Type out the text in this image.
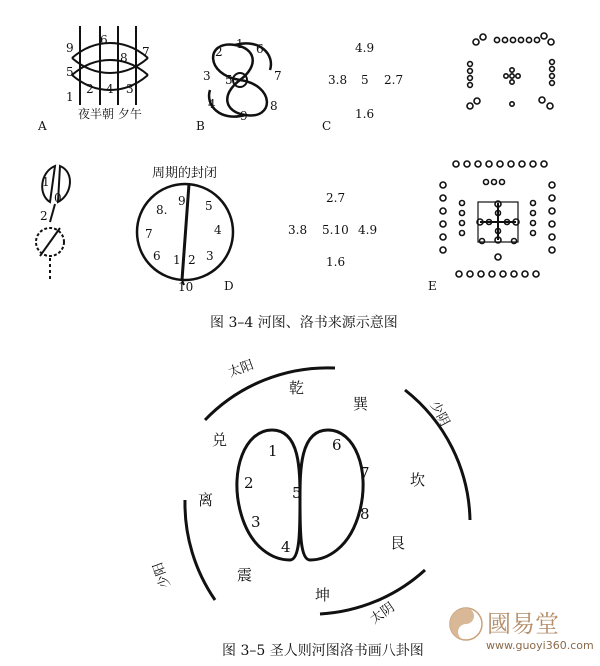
9
6
8 7
5
1
2 4 3
夜半朝 夕午
A
2
1 6
3 5	7
4	8
9
B
4.9
3.8 5 2.7
1.6
C
1
0
2
周期的封闭
8.
9 5
7	4
6	3
1 2
10	D
2.7
3.8 5.10 4.9
1.6
E
图 3–4 河图、洛书来源示意图
1
2
3
4
5
6
7
8
乾
巽
兑
坎
离
艮
震
坤
太阳
少阴
少阳
太阴
图 3–5 圣人则河图洛书画八卦图
國易堂
www.guoyi360.com
